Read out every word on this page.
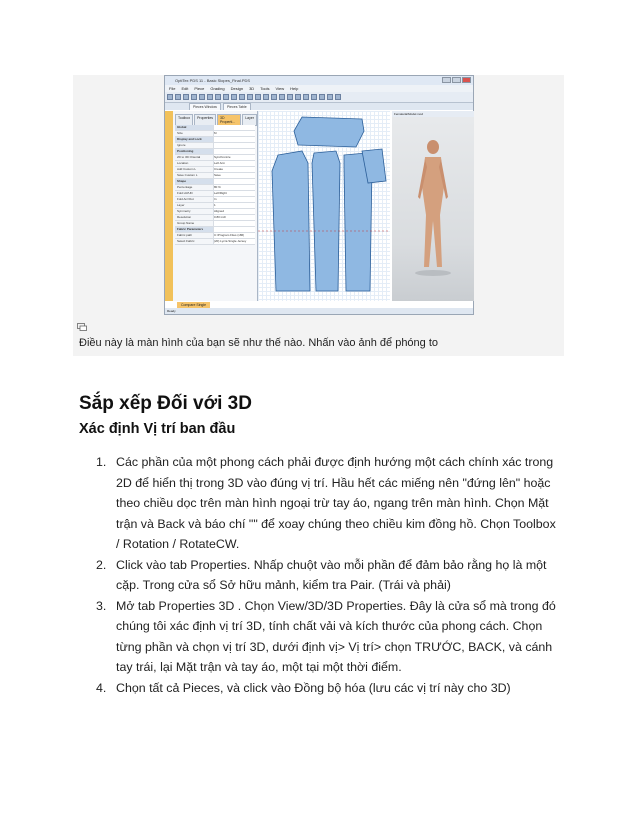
OptiTex PDS 11 - Basic Slopes_Final.PDS
File Edit Piece Grading Design 3D Tools View Help
Pieces Window	Pieces Table
Toolbox	Properties	3D Properti...
Layer
Global
Size	M
Display and Lock
Ignore
Positioning
2D to 3D Oriental	Synchronize
Location	Left Arm
Add Custom L	Create
Save Custom L	Save
Shape
Percentage	80 %
Fold LR/UD	Left/Right
Fold Arc/Out	In
Layer	1
Symmetry	Aligned
Resolution	0.80 inch
Group Name
Fabric Parameters
Fabric path	C:\Program Files (x86)
Select Fabric	(20) Lycra Single Jersey
Female4a\Model.mod
Compare Single
Ready
Điều này là màn hình của bạn sẽ như thế nào. Nhấn vào ảnh để phóng to
Sắp xếp Đối với 3D
Xác định Vị trí ban đầu
1. Các phần của một phong cách phải được định hướng một cách chính xác trong
2D để hiển thị trong 3D vào đúng vị trí. Hầu hết các miếng nên "đứng lên" hoặc
theo chiều dọc trên màn hình ngoại trừ tay áo, ngang trên màn hình. Chọn Mặt
trận và Back và báo chí "" để xoay chúng theo chiều kim đồng hồ. Chọn Toolbox
/ Rotation / RotateCW.
2. Click vào tab Properties. Nhấp chuột vào mỗi phần để đảm bảo rằng họ là một
cặp. Trong cửa sổ Sở hữu mảnh, kiểm tra Pair. (Trái và phải)
3. Mở tab Properties 3D . Chọn View/3D/3D Properties. Đây là cửa sổ mà trong đó
chúng tôi xác định vị trí 3D, tính chất vải và kích thước của phong cách. Chọn
từng phần và chọn vị trí 3D, dưới định vị> Vị trí> chọn TRƯỚC, BACK, và cánh
tay trái, lại Mặt trận và tay áo, một tại một thời điểm.
4. Chọn tất cả Pieces, và click vào Đồng bộ hóa (lưu các vị trí này cho 3D)
